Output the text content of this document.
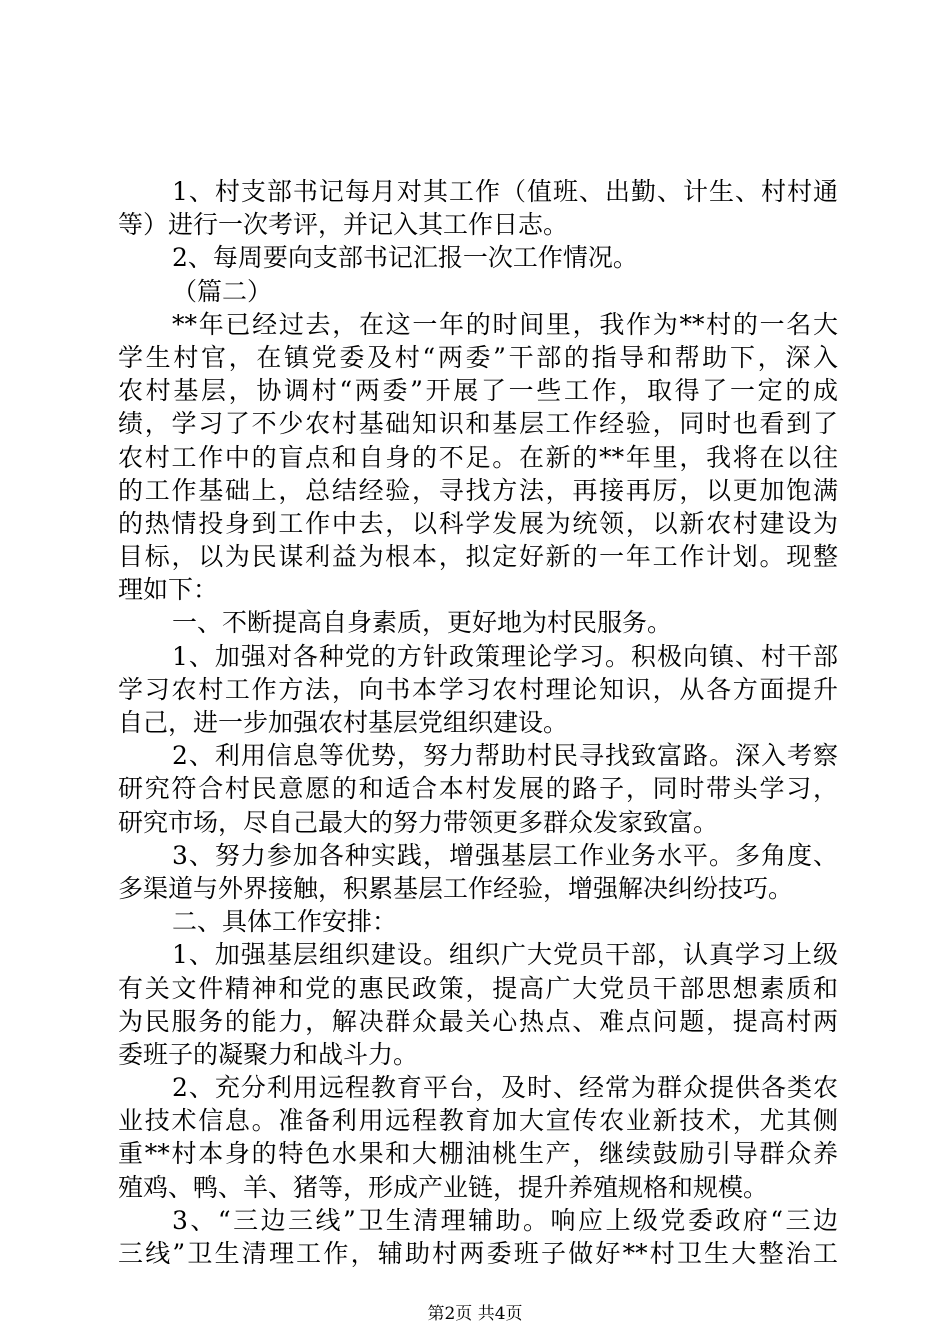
1、村支部书记每月对其工作（值班、出勤、计生、村村通
等）进行一次考评，并记入其工作日志。
2、每周要向支部书记汇报一次工作情况。
（篇二）
**年已经过去，在这一年的时间里，我作为**村的一名大
学生村官，在镇党委及村“两委”干部的指导和帮助下，深入
农村基层，协调村“两委”开展了一些工作，取得了一定的成
绩，学习了不少农村基础知识和基层工作经验，同时也看到了
农村工作中的盲点和自身的不足。在新的**年里，我将在以往
的工作基础上，总结经验，寻找方法，再接再厉，以更加饱满
的热情投身到工作中去，以科学发展为统领，以新农村建设为
目标，以为民谋利益为根本，拟定好新的一年工作计划。现整
理如下：
一、不断提高自身素质，更好地为村民服务。
1、加强对各种党的方针政策理论学习。积极向镇、村干部
学习农村工作方法，向书本学习农村理论知识，从各方面提升
自己，进一步加强农村基层党组织建设。
2、利用信息等优势，努力帮助村民寻找致富路。深入考察
研究符合村民意愿的和适合本村发展的路子，同时带头学习，
研究市场，尽自己最大的努力带领更多群众发家致富。
3、努力参加各种实践，增强基层工作业务水平。多角度、
多渠道与外界接触，积累基层工作经验，增强解决纠纷技巧。
二、具体工作安排：
1、加强基层组织建设。组织广大党员干部，认真学习上级
有关文件精神和党的惠民政策，提高广大党员干部思想素质和
为民服务的能力，解决群众最关心热点、难点问题，提高村两
委班子的凝聚力和战斗力。
2、充分利用远程教育平台，及时、经常为群众提供各类农
业技术信息。准备利用远程教育加大宣传农业新技术，尤其侧
重**村本身的特色水果和大棚油桃生产，继续鼓励引导群众养
殖鸡、鸭、羊、猪等，形成产业链，提升养殖规格和规模。
3、“三边三线”卫生清理辅助。响应上级党委政府“三边
三线”卫生清理工作，辅助村两委班子做好**村卫生大整治工
第2页 共4页
